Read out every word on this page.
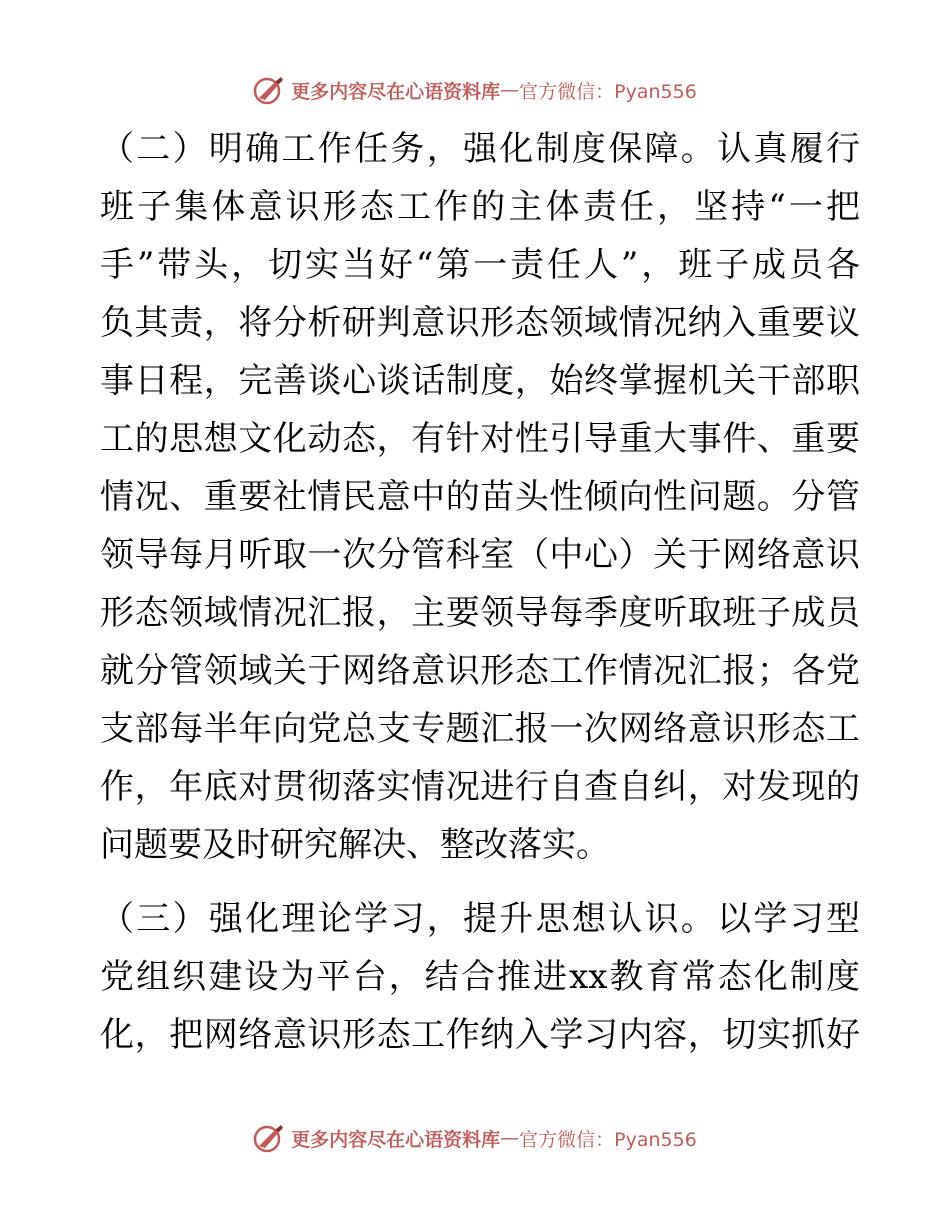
更多内容尽在心语资料库 — 官方微信：Pyan556
（二）明确工作任务，强化制度保障。认真履行
班子集体意识形态工作的主体责任，坚持“一把
手”带头，切实当好“第一责任人”，班子成员各
负其责，将分析研判意识形态领域情况纳入重要议
事日程，完善谈心谈话制度，始终掌握机关干部职
工的思想文化动态，有针对性引导重大事件、重要
情况、重要社情民意中的苗头性倾向性问题。分管
领导每月听取一次分管科室（中心）关于网络意识
形态领域情况汇报，主要领导每季度听取班子成员
就分管领域关于网络意识形态工作情况汇报；各党
支部每半年向党总支专题汇报一次网络意识形态工
作，年底对贯彻落实情况进行自查自纠，对发现的
问题要及时研究解决、整改落实。
（三）强化理论学习，提升思想认识。以学习型
党组织建设为平台，结合推进xx教育常态化制度
化，把网络意识形态工作纳入学习内容，切实抓好
更多内容尽在心语资料库 — 官方微信：Pyan556
